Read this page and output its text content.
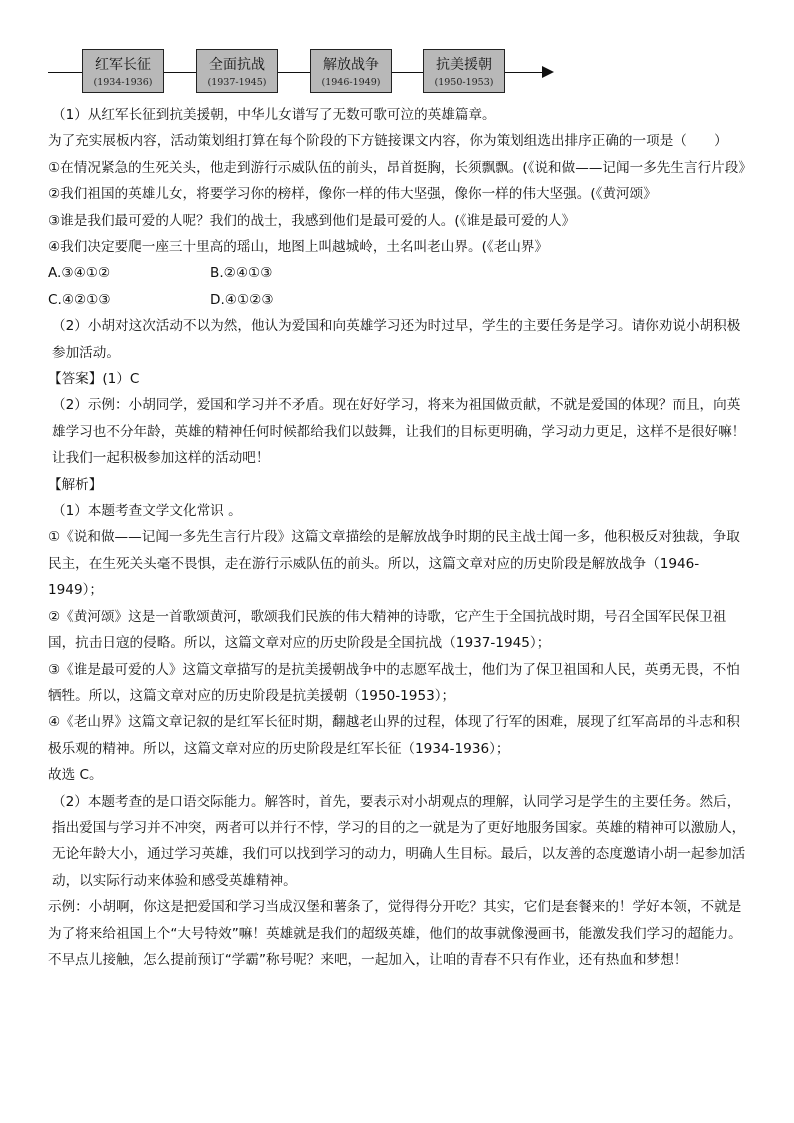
红军长征
(1934-1936)
全面抗战
(1937-1945)
解放战争
(1946-1949)
抗美援朝
(1950-1953)

（1）从红军长征到抗美援朝，中华儿女谱写了无数可歌可泣的英雄篇章。

为了充实展板内容，活动策划组打算在每个阶段的下方链接课文内容，你为策划组选出排序正确的一项是（　　）

①在情况紧急的生死关头，他走到游行示威队伍的前头，昂首挺胸，长须飘飘。(《说和做——记闻一多先生言行片段》

②我们祖国的英雄儿女，将要学习你的榜样，像你一样的伟大坚强，像你一样的伟大坚强。(《黄河颂》

③谁是我们最可爱的人呢？我们的战士，我感到他们是最可爱的人。(《谁是最可爱的人》

④我们决定要爬一座三十里高的瑶山，地图上叫越城岭，土名叫老山界。(《老山界》

A.③④①②	B.②④①③
C.④②①③	D.④①②③

（2）小胡对这次活动不以为然，他认为爱国和向英雄学习还为时过早，学生的主要任务是学习。请你劝说小胡积极参加活动。

【答案】(1）C

（2）示例：小胡同学，爱国和学习并不矛盾。现在好好学习，将来为祖国做贡献，不就是爱国的体现？而且，向英雄学习也不分年龄，英雄的精神任何时候都给我们以鼓舞，让我们的目标更明确，学习动力更足，这样不是很好嘛！让我们一起积极参加这样的活动吧！

【解析】

（1）本题考查文学文化常识 。

①《说和做——记闻一多先生言行片段》这篇文章描绘的是解放战争时期的民主战士闻一多，他积极反对独裁，争取民主，在生死关头毫不畏惧，走在游行示威队伍的前头。所以，这篇文章对应的历史阶段是解放战争（1946-1949）；

②《黄河颂》这是一首歌颂黄河，歌颂我们民族的伟大精神的诗歌，它产生于全国抗战时期，号召全国军民保卫祖国，抗击日寇的侵略。所以，这篇文章对应的历史阶段是全国抗战（1937-1945）；

③《谁是最可爱的人》这篇文章描写的是抗美援朝战争中的志愿军战士，他们为了保卫祖国和人民，英勇无畏，不怕牺牲。所以，这篇文章对应的历史阶段是抗美援朝（1950-1953）；

④《老山界》这篇文章记叙的是红军长征时期，翻越老山界的过程，体现了行军的困难，展现了红军高昂的斗志和积极乐观的精神。所以，这篇文章对应的历史阶段是红军长征（1934-1936）；

故选 C。

（2）本题考查的是口语交际能力。解答时，首先，要表示对小胡观点的理解，认同学习是学生的主要任务。然后，指出爱国与学习并不冲突，两者可以并行不悖，学习的目的之一就是为了更好地服务国家。英雄的精神可以激励人，无论年龄大小，通过学习英雄，我们可以找到学习的动力，明确人生目标。最后，以友善的态度邀请小胡一起参加活动，以实际行动来体验和感受英雄精神。

示例：小胡啊，你这是把爱国和学习当成汉堡和薯条了，觉得得分开吃？其实，它们是套餐来的！学好本领，不就是为了将来给祖国上个“大号特效”嘛！英雄就是我们的超级英雄，他们的故事就像漫画书，能激发我们学习的超能力。不早点儿接触，怎么提前预订“学霸”称号呢？来吧，一起加入，让咱的青春不只有作业，还有热血和梦想！
